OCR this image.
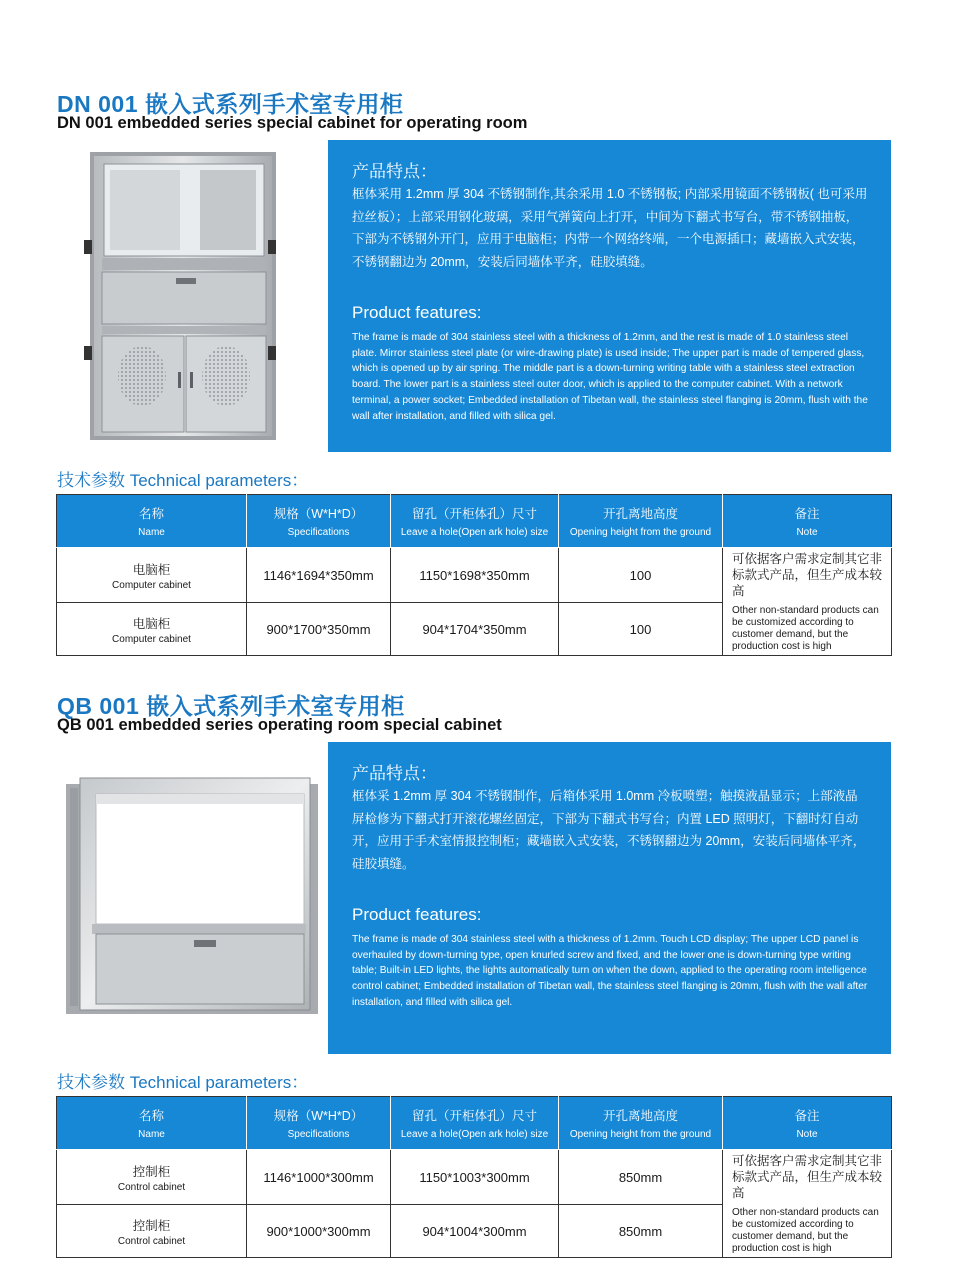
DN 001 嵌入式系列手术室专用柜
DN 001 embedded series special cabinet for operating room
产品特点：
框体采用 1.2mm 厚 304 不锈钢制作,其余采用 1.0 不锈钢板; 内部采用镜面不锈钢板( 也可采用拉丝板）；上部采用钢化玻璃，采用气弹簧向上打开，中间为下翻式书写台，带不锈钢抽板，下部为不锈钢外开门，应用于电脑柜；内带一个网络终端，一个电源插口；藏墙嵌入式安装，不锈钢翻边为 20mm，安装后同墙体平齐，硅胶填缝。
Product features:
The frame is made of 304 stainless steel with a thickness of 1.2mm, and the rest is made of 1.0 stainless steel plate. Mirror stainless steel plate (or wire-drawing plate) is used inside; The upper part is made of tempered glass, which is opened up by air spring. The middle part is a down-turning writing table with a stainless steel extraction board. The lower part is a stainless steel outer door, which is applied to the computer cabinet. With a network terminal, a power socket; Embedded installation of Tibetan wall, the stainless steel flanging is 20mm, flush with the wall after installation, and filled with silica gel.
技术参数 Technical parameters：
名称
Name	规格（W*H*D）
Specifications	留孔（开柜体孔）尺寸
Leave a hole(Open ark hole) size	开孔离地高度
Opening height from the ground	备注
Note

电脑柜
Computer cabinet	1146*1694*350mm	1150*1698*350mm	100	可依据客户需求定制其它非标款式产品，但生产成本较高
Other non-standard products can be customized according to customer demand, but the production cost is high

电脑柜
Computer cabinet	900*1700*350mm	904*1704*350mm	100	
QB 001 嵌入式系列手术室专用柜
QB 001 embedded series operating room special cabinet
产品特点：
框体采 1.2mm 厚 304 不锈钢制作，后箱体采用 1.0mm 冷板喷塑；触摸液晶显示；上部液晶屏检修为下翻式打开滚花螺丝固定，下部为下翻式书写台；内置 LED 照明灯，下翻时灯自动开，应用于手术室情报控制柜；藏墙嵌入式安装，不锈钢翻边为 20mm，安装后同墙体平齐，硅胶填缝。
Product features:
The frame is made of 304 stainless steel with a thickness of 1.2mm. Touch LCD display; The upper LCD panel is overhauled by down-turning type, open knurled screw and fixed, and the lower one is down-turning type writing table; Built-in LED lights, the lights automatically turn on when the down, applied to the operating room intelligence control cabinet; Embedded installation of Tibetan wall, the stainless steel flanging is 20mm, flush with the wall after installation, and filled with silica gel.
技术参数 Technical parameters：
名称
Name	规格（W*H*D）
Specifications	留孔（开柜体孔）尺寸
Leave a hole(Open ark hole) size	开孔离地高度
Opening height from the ground	备注
Note

控制柜
Control cabinet	1146*1000*300mm	1150*1003*300mm	850mm	可依据客户需求定制其它非标款式产品，但生产成本较高
Other non-standard products can be customized according to customer demand, but the production cost is high

控制柜
Control cabinet	900*1000*300mm	904*1004*300mm	850mm	
